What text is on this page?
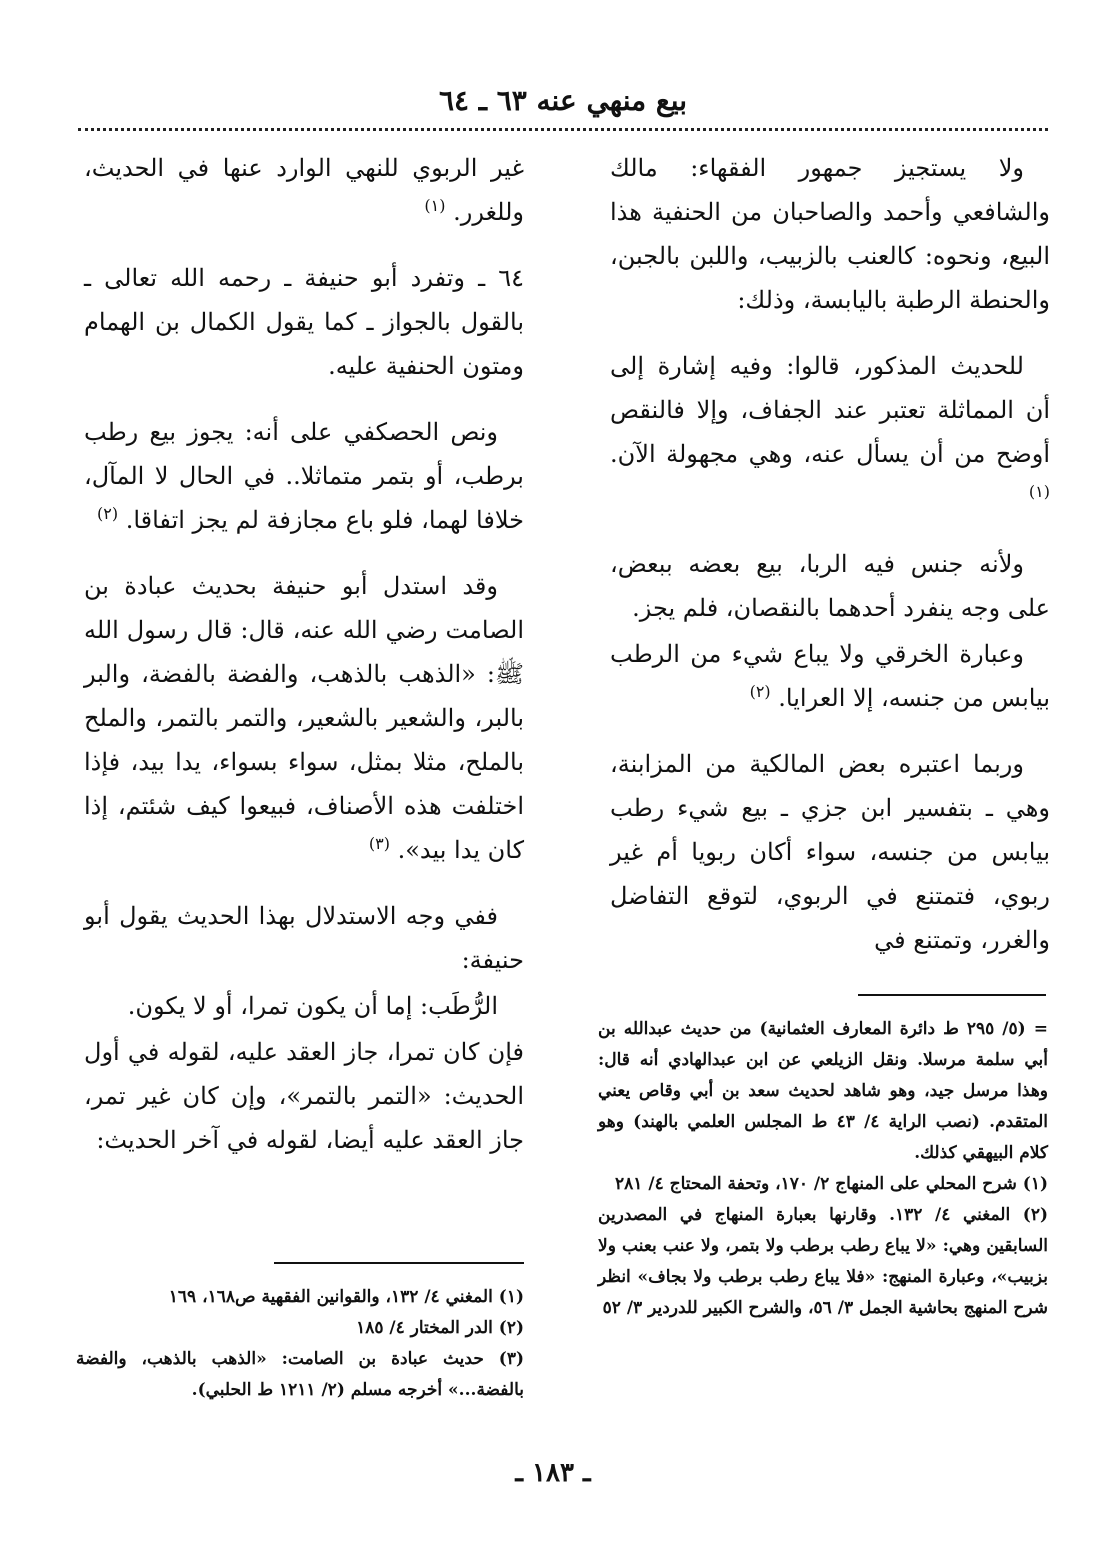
بيع منهي عنه ٦٣ ـ ٦٤

ولا يستجيز جمهور الفقهاء: مالك والشافعي وأحمد والصاحبان من الحنفية هذا البيع، ونحوه: كالعنب بالزبيب، واللبن بالجبن، والحنطة الرطبة باليابسة، وذلك:

للحديث المذكور، قالوا: وفيه إشارة إلى أن المماثلة تعتبر عند الجفاف، وإلا فالنقص أوضح من أن يسأل عنه، وهي مجهولة الآن. $^{(١)}$

ولأنه جنس فيه الربا، بيع بعضه ببعض، على وجه ينفرد أحدهما بالنقصان، فلم يجز.

وعبارة الخرقي ولا يباع شيء من الرطب بيابس من جنسه، إلا العرايا. $^{(٢)}$

وربما اعتبره بعض المالكية من المزابنة، وهي ـ بتفسير ابن جزي ـ بيع شيء رطب بيابس من جنسه، سواء أكان ربويا أم غير ربوي، فتمتنع في الربوي، لتوقع التفاضل والغرر، وتمتنع في

= (٥/ ٢٩٥ ط دائرة المعارف العثمانية) من حديث عبدالله بن أبي سلمة مرسلا. ونقل الزيلعي عن ابن عبدالهادي أنه قال: وهذا مرسل جيد، وهو شاهد لحديث سعد بن أبي وقاص يعني المتقدم. (نصب الراية ٤/ ٤٣ ط المجلس العلمي بالهند) وهو كلام البيهقي كذلك.

(١) شرح المحلي على المنهاج ٢/ ١٧٠، وتحفة المحتاج ٤/ ٢٨١

(٢) المغني ٤/ ١٣٢. وقارنها بعبارة المنهاج في المصدرين السابقين وهي: «لا يباع رطب برطب ولا بتمر، ولا عنب بعنب ولا بزبيب»، وعبارة المنهج: «فلا يباع رطب برطب ولا بجاف» انظر شرح المنهج بحاشية الجمل ٣/ ٥٦، والشرح الكبير للدردير ٣/ ٥٢

غير الربوي للنهي الوارد عنها في الحديث، وللغرر. $^{(١)}$

٦٤ ـ وتفرد أبو حنيفة ـ رحمه الله تعالى ـ بالقول بالجواز ـ كما يقول الكمال بن الهمام ومتون الحنفية عليه.

ونص الحصكفي على أنه: يجوز بيع رطب برطب، أو بتمر متماثلا.. في الحال لا المآل، خلافا لهما، فلو باع مجازفة لم يجز اتفاقا. $^{(٢)}$

وقد استدل أبو حنيفة بحديث عبادة بن الصامت رضي الله عنه، قال: قال رسول الله ﷺ: «الذهب بالذهب، والفضة بالفضة، والبر بالبر، والشعير بالشعير، والتمر بالتمر، والملح بالملح، مثلا بمثل، سواء بسواء، يدا بيد، فإذا اختلفت هذه الأصناف، فبيعوا كيف شئتم، إذا كان يدا بيد». $^{(٣)}$

ففي وجه الاستدلال بهذا الحديث يقول أبو حنيفة:

الرُّطَب: إما أن يكون تمرا، أو لا يكون.

فإن كان تمرا، جاز العقد عليه، لقوله في أول الحديث: «التمر بالتمر»، وإن كان غير تمر، جاز العقد عليه أيضا، لقوله في آخر الحديث:

(١) المغني ٤/ ١٣٢، والقوانين الفقهية ص١٦٨، ١٦٩

(٢) الدر المختار ٤/ ١٨٥

(٣) حديث عبادة بن الصامت: «الذهب بالذهب، والفضة بالفضة...» أخرجه مسلم (٢/ ١٢١١ ط الحلبي).

ـ ١٨٣ ـ
